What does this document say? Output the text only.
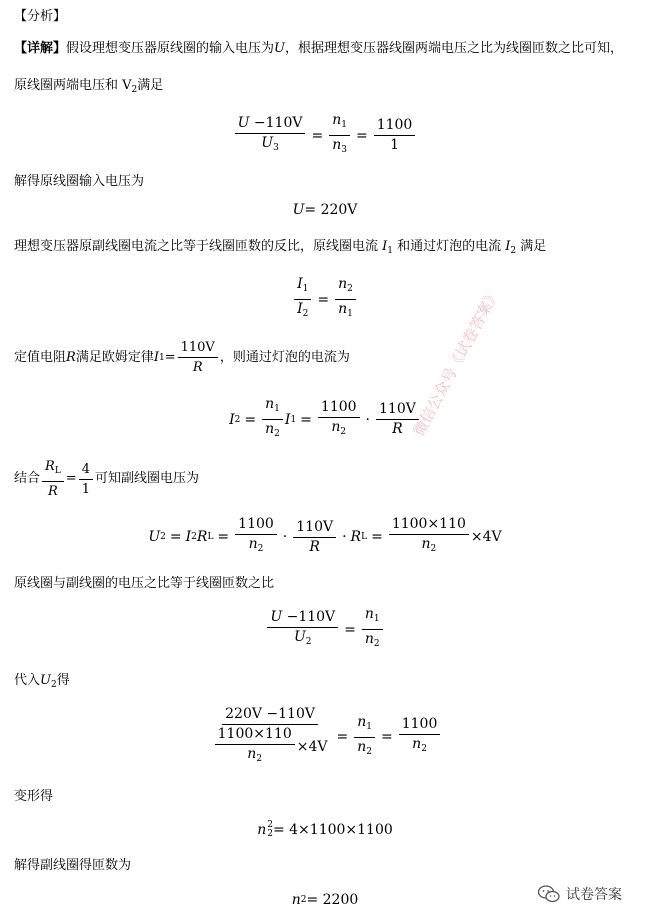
【分析】
【详解】假设理想变压器原线圈的输入电压为U，根据理想变压器线圈两端电压之比为线圈匝数之比可知，
原线圈两端电压和 $V_2$满足
$\frac{U -110V}{U_3} = \frac{n_1}{n_3} = \frac{1100}{1}$
解得原线圈输入电压为
U = 220V
理想变压器原副线圈电流之比等于线圈匝数的反比，原线圈电流 $I_1$ 和通过灯泡的电流 $I_2$ 满足
$\frac{I_1}{I_2} = \frac{n_2}{n_1}$
定值电阻 R 满足欧姆定律 I $1 = \frac{110V}{R}$ ，则通过灯泡的电流为
I $2 = \frac{n_1}{n_2}$ I $1 = \frac{1100}{n_2} \cdot \frac{110V}{R}$
结合 $\frac{R_L}{R} = \frac{4}{1}$ 可知副线圈电压为
U 2 = I 2 R $L = \frac{1100}{n_2} \cdot \frac{110V}{R} \cdot R$ $L = \frac{1100\times 110}{n_2} \times 4V$
原线圈与副线圈的电压之比等于线圈匝数之比
$\frac{U -110V}{U_2} = \frac{n_1}{n_2}$
代入$U_2$得
$\frac{220V -110V}{\frac{1100\times 110}{n_2} \times 4V} = \frac{n_1}{n_2} = \frac{1100}{n_2}$
变形得
n 2
2 = 4×1100×1100
解得副线圈得匝数为
n 2 = 2200
微信公众号《试卷答案》
试卷答案
